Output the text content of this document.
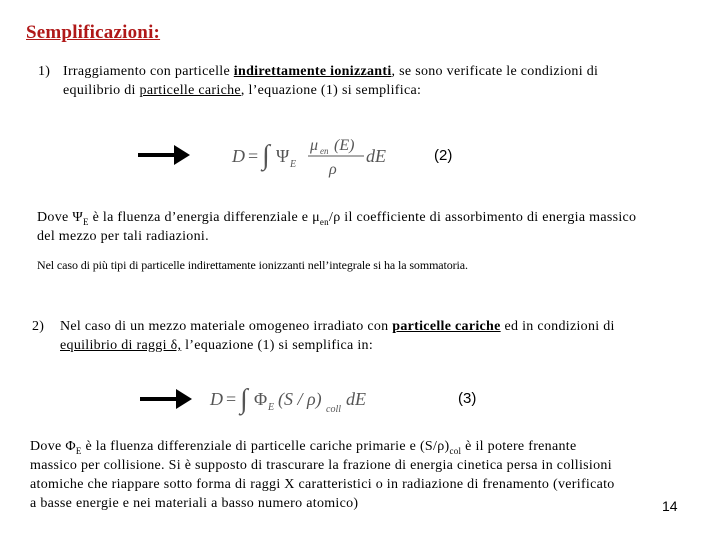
Semplificazioni:
1) Irraggiamento con particelle indirettamente ionizzanti, se sono verificate le condizioni di
equilibrio di particelle cariche, l’equazione (1) si semplifica:
D = ∫ Ψ E
μ en (E)
ρ
dE	(2)
Dove $\Psi_E$ è la fluenza d’energia differenziale e $\mu_{en}/\rho$ il coefficiente di assorbimento di energia massico
del mezzo per tali radiazioni.
Nel caso di più tipi di particelle indirettamente ionizzanti nell’integrale si ha la sommatoria.
2) Nel caso di un mezzo materiale omogeneo irradiato con particelle cariche ed in condizioni di
equilibrio di raggi δ, l’equazione (1) si semplifica in:
D = ∫ Φ E (S / ρ)
coll
dE	(3)
Dove $\Phi_E$ è la fluenza differenziale di particelle cariche primarie e $(S/\rho)_{col}$ è il potere frenante
massico per collisione. Si è supposto di trascurare la frazione di energia cinetica persa in collisioni
atomiche che riappare sotto forma di raggi X caratteristici o in radiazione di frenamento (verificato
a basse energie e nei materiali a basso numero atomico)	14
